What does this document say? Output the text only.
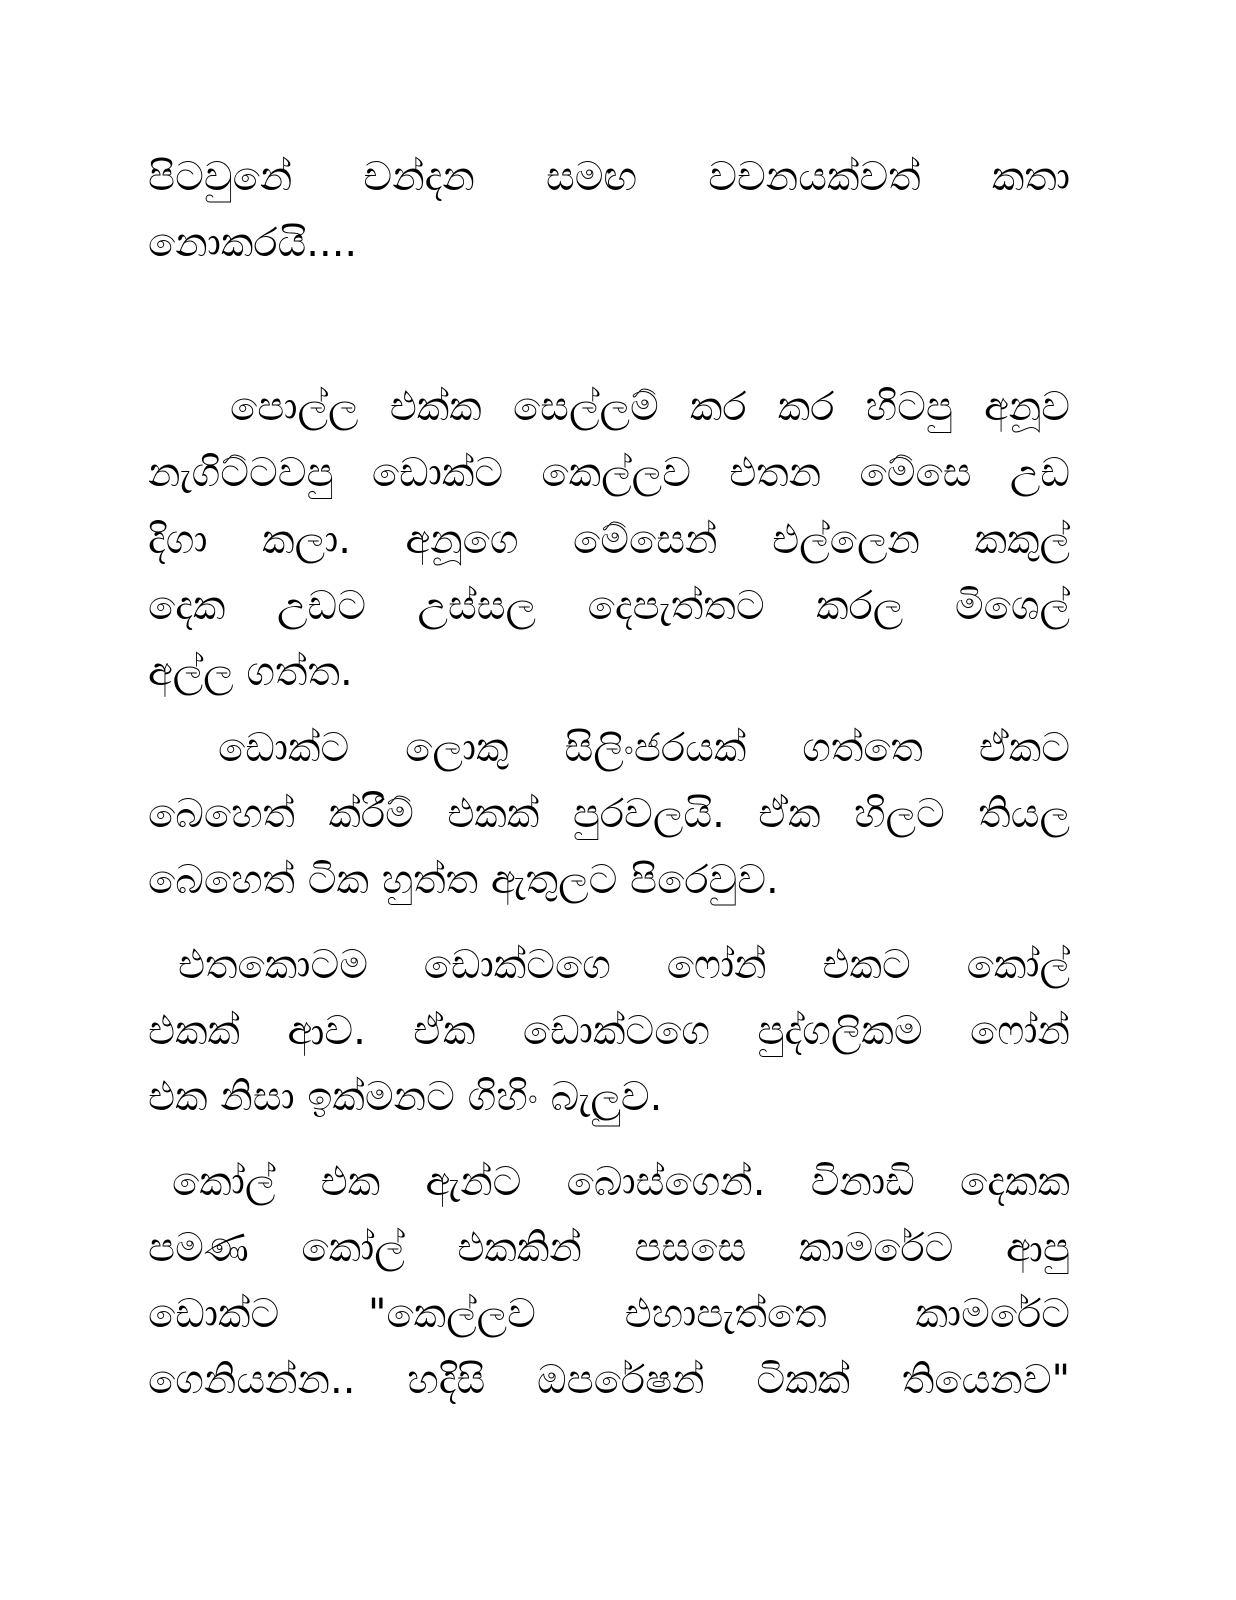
පිටවුනේ චන්දන සමඟ වචනයක්වත් කතා
නොකරයි....
පොල්ල එක්ක සෙල්ලම් කර කර හිටපු අනූව
නැගිට්ටවපු ඩොක්ට කෙල්ලව එතන මේසෙ උඩ
දිගා කලා. අනූගෙ මේසෙන් එල්ලෙන කකුල්
දෙක උඩට උස්සල දෙපැත්තට කරල මිශෙල්
අල්ල ගත්ත.
ඩොක්ට ලොකු සිලිංජරයක් ගත්තෙ ඒකට
බෙහෙත් ක්රීම් එකක් පුරවලයි. ඒක හිලට තියල
බෙහෙත් ටික හුත්ත ඇතුලට පිරෙවුව.
එතකොටම ඩොක්ටගෙ ෆෝන් එකට කෝල්
එකක් ආව. ඒක ඩොක්ටගෙ පුද්ගලිකම ෆෝන්
එක නිසා ඉක්මනට ගිහිං බැලුව.
කෝල් එක ඇන්ට බොස්ගෙන්. විනාඩි දෙකක
පමණ කෝල් එකකින් පසසෙ කාමරේට ආපු
ඩොක්ට "කෙල්ලව එහාපැත්තෙ කාමරේට
ගෙනියන්න.. හදිසි ඔපරේෂන් ටිකක් තියෙනව"
